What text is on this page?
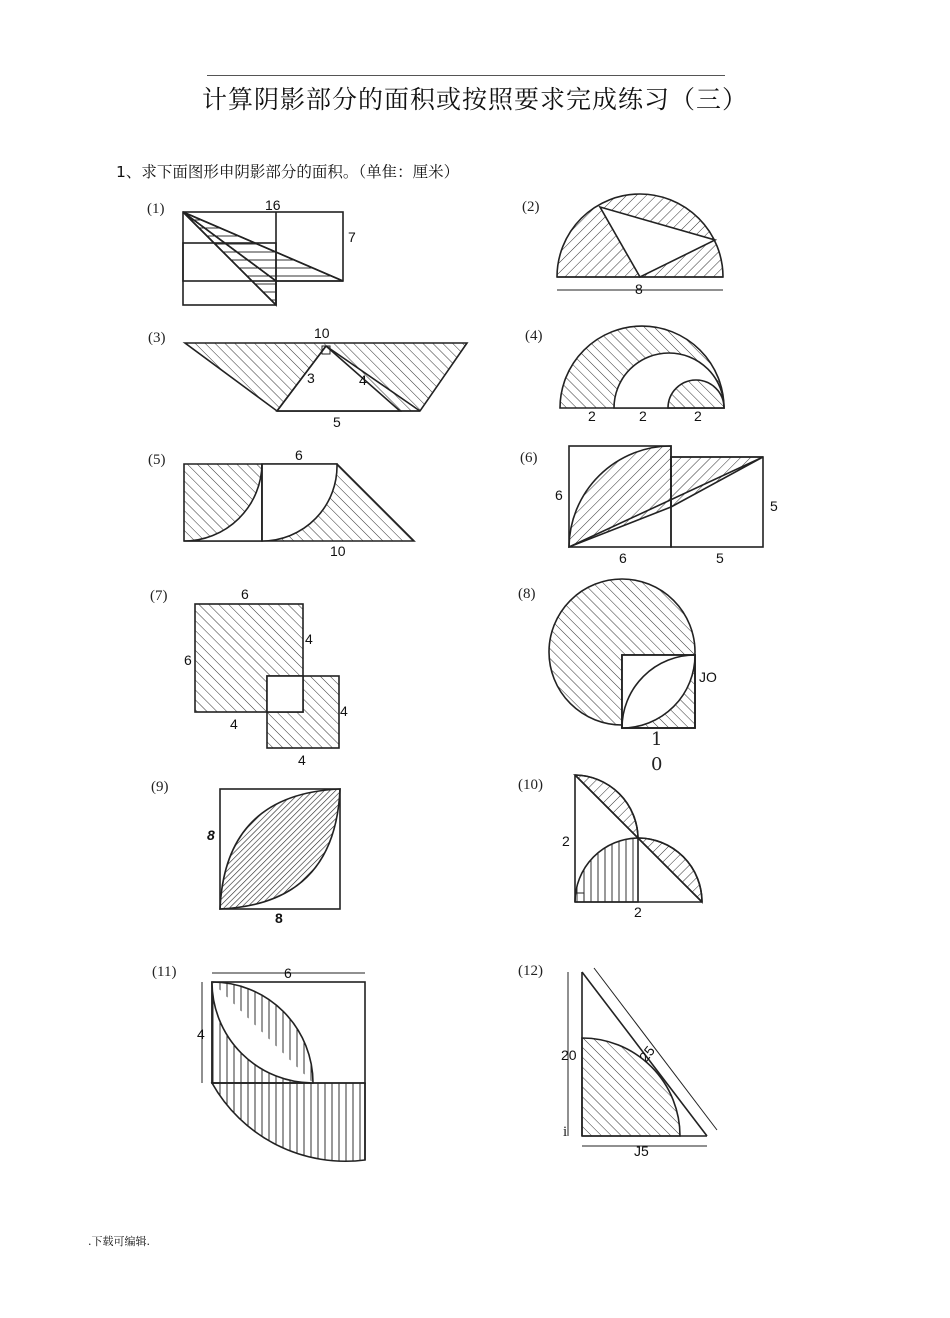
计算阴影部分的面积或按照要求完成练习（三）
1、求下面图形申阴影部分的面积。（单隹：厘米）
.下载可编辑.
(1)	(2)
(3)	(4)
(5)	(6)
(7)	(8)
(9)	(10)
(11)	(12)
16
7
8
10
3	4
5	2	2	2
6
10
6
5
6	5
6
4
6
4
4
4
JO
1
0
8
8
2
2
6
4
20	25
J5
i
